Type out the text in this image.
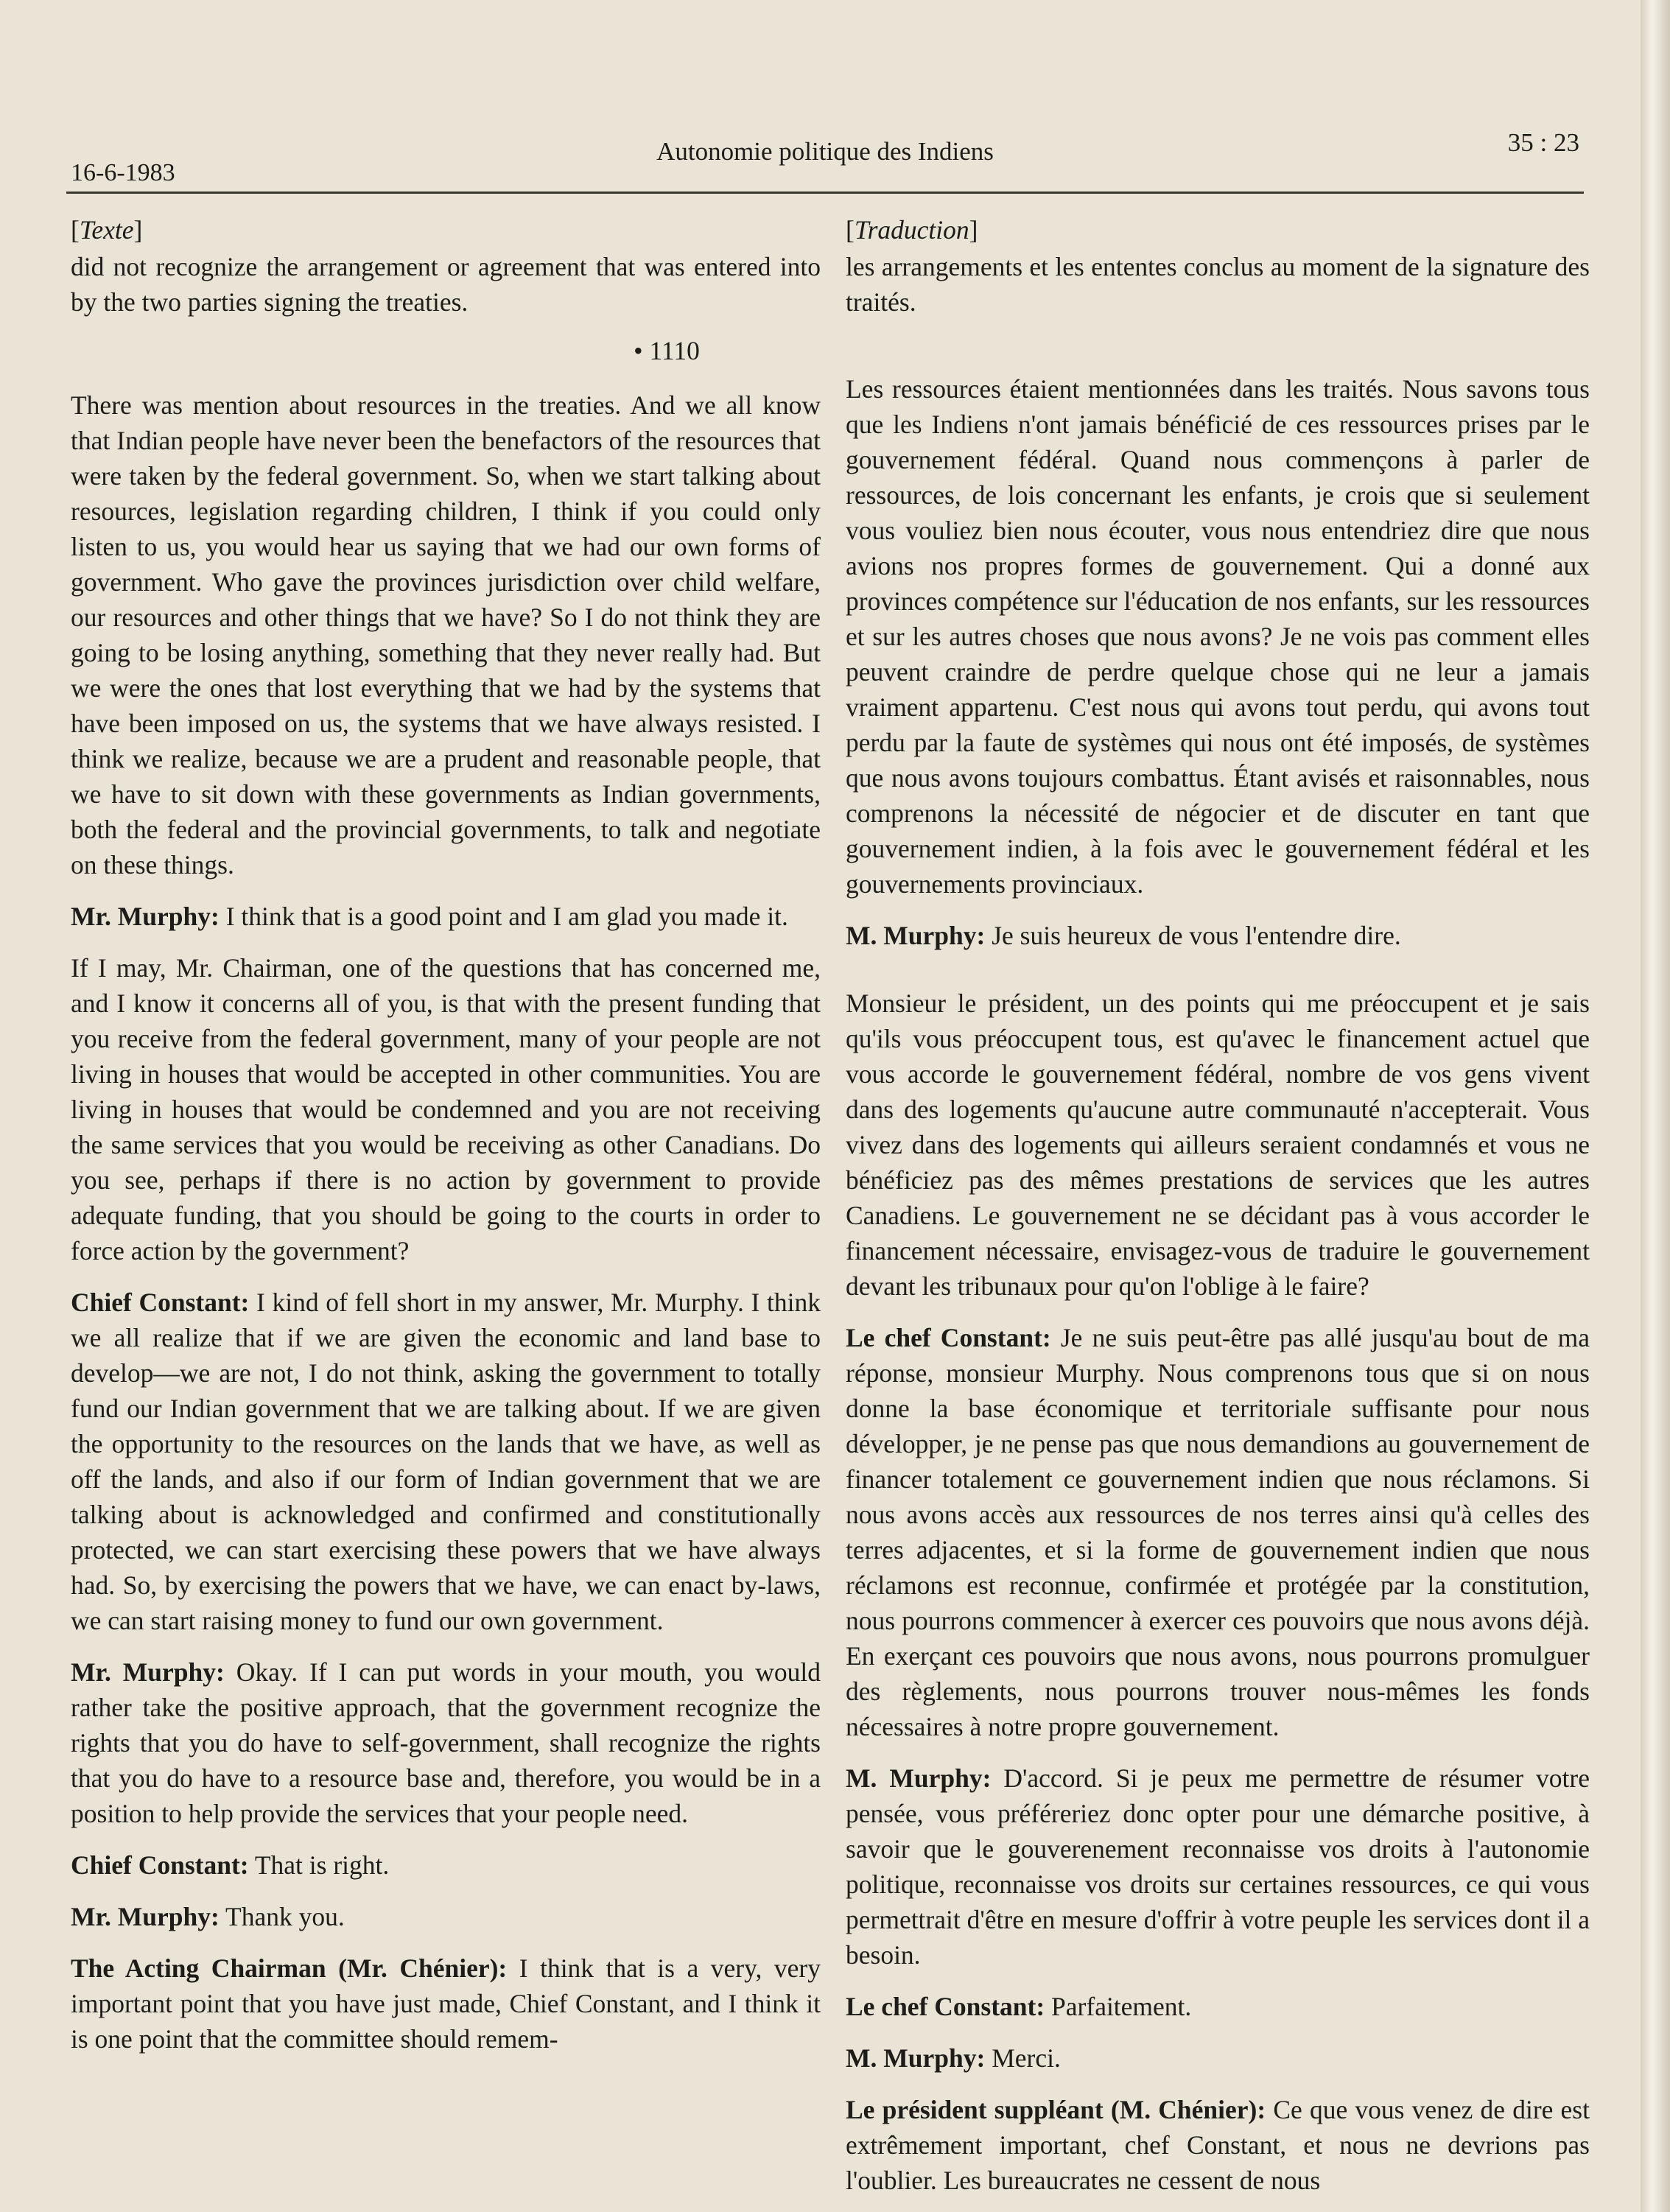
16-6-1983
Autonomie politique des Indiens	35 : 23
[Texte]

did not recognize the arrangement or agreement that was entered into by the two parties signing the treaties.

• 1110

There was mention about resources in the treaties. And we all know that Indian people have never been the benefactors of the resources that were taken by the federal government. So, when we start talking about resources, legislation regarding children, I think if you could only listen to us, you would hear us saying that we had our own forms of government. Who gave the provinces jurisdiction over child welfare, our resources and other things that we have? So I do not think they are going to be losing anything, something that they never really had. But we were the ones that lost everything that we had by the systems that have been imposed on us, the systems that we have always resisted. I think we realize, because we are a prudent and reasonable people, that we have to sit down with these governments as Indian governments, both the federal and the provincial governments, to talk and negotiate on these things.

Mr. Murphy: I think that is a good point and I am glad you made it.

If I may, Mr. Chairman, one of the questions that has concerned me, and I know it concerns all of you, is that with the present funding that you receive from the federal government, many of your people are not living in houses that would be accepted in other communities. You are living in houses that would be condemned and you are not receiving the same services that you would be receiving as other Canadians. Do you see, perhaps if there is no action by government to provide adequate funding, that you should be going to the courts in order to force action by the government?

Chief Constant: I kind of fell short in my answer, Mr. Murphy. I think we all realize that if we are given the economic and land base to develop—we are not, I do not think, asking the government to totally fund our Indian government that we are talking about. If we are given the opportunity to the resources on the lands that we have, as well as off the lands, and also if our form of Indian government that we are talking about is acknowledged and confirmed and constitutionally protected, we can start exercising these powers that we have always had. So, by exercising the powers that we have, we can enact by-laws, we can start raising money to fund our own government.

Mr. Murphy: Okay. If I can put words in your mouth, you would rather take the positive approach, that the government recognize the rights that you do have to self-government, shall recognize the rights that you do have to a resource base and, therefore, you would be in a position to help provide the services that your people need.

Chief Constant: That is right.

Mr. Murphy: Thank you.

The Acting Chairman (Mr. Chénier): I think that is a very, very important point that you have just made, Chief Constant, and I think it is one point that the committee should remem-

[Traduction]

les arrangements et les ententes conclus au moment de la signature des traités.

Les ressources étaient mentionnées dans les traités. Nous savons tous que les Indiens n'ont jamais bénéficié de ces ressources prises par le gouvernement fédéral. Quand nous commençons à parler de ressources, de lois concernant les enfants, je crois que si seulement vous vouliez bien nous écouter, vous nous entendriez dire que nous avions nos propres formes de gouvernement. Qui a donné aux provinces compétence sur l'éducation de nos enfants, sur les ressources et sur les autres choses que nous avons? Je ne vois pas comment elles peuvent craindre de perdre quelque chose qui ne leur a jamais vraiment appartenu. C'est nous qui avons tout perdu, qui avons tout perdu par la faute de systèmes qui nous ont été imposés, de systèmes que nous avons toujours combattus. Étant avisés et raisonnables, nous comprenons la nécessité de négocier et de discuter en tant que gouvernement indien, à la fois avec le gouvernement fédéral et les gouvernements provinciaux.

M. Murphy: Je suis heureux de vous l'entendre dire.

Monsieur le président, un des points qui me préoccupent et je sais qu'ils vous préoccupent tous, est qu'avec le financement actuel que vous accorde le gouvernement fédéral, nombre de vos gens vivent dans des logements qu'aucune autre communauté n'accepterait. Vous vivez dans des logements qui ailleurs seraient condamnés et vous ne bénéficiez pas des mêmes prestations de services que les autres Canadiens. Le gouvernement ne se décidant pas à vous accorder le financement nécessaire, envisagez-vous de traduire le gouvernement devant les tribunaux pour qu'on l'oblige à le faire?

Le chef Constant: Je ne suis peut-être pas allé jusqu'au bout de ma réponse, monsieur Murphy. Nous comprenons tous que si on nous donne la base économique et territoriale suffisante pour nous développer, je ne pense pas que nous demandions au gouvernement de financer totalement ce gouvernement indien que nous réclamons. Si nous avons accès aux ressources de nos terres ainsi qu'à celles des terres adjacentes, et si la forme de gouvernement indien que nous réclamons est reconnue, confirmée et protégée par la constitution, nous pourrons commencer à exercer ces pouvoirs que nous avons déjà. En exerçant ces pouvoirs que nous avons, nous pourrons promulguer des règlements, nous pourrons trouver nous-mêmes les fonds nécessaires à notre propre gouvernement.

M. Murphy: D'accord. Si je peux me permettre de résumer votre pensée, vous préféreriez donc opter pour une démarche positive, à savoir que le gouverenement reconnaisse vos droits à l'autonomie politique, reconnaisse vos droits sur certaines ressources, ce qui vous permettrait d'être en mesure d'offrir à votre peuple les services dont il a besoin.

Le chef Constant: Parfaitement.

M. Murphy: Merci.

Le président suppléant (M. Chénier): Ce que vous venez de dire est extrêmement important, chef Constant, et nous ne devrions pas l'oublier. Les bureaucrates ne cessent de nous
